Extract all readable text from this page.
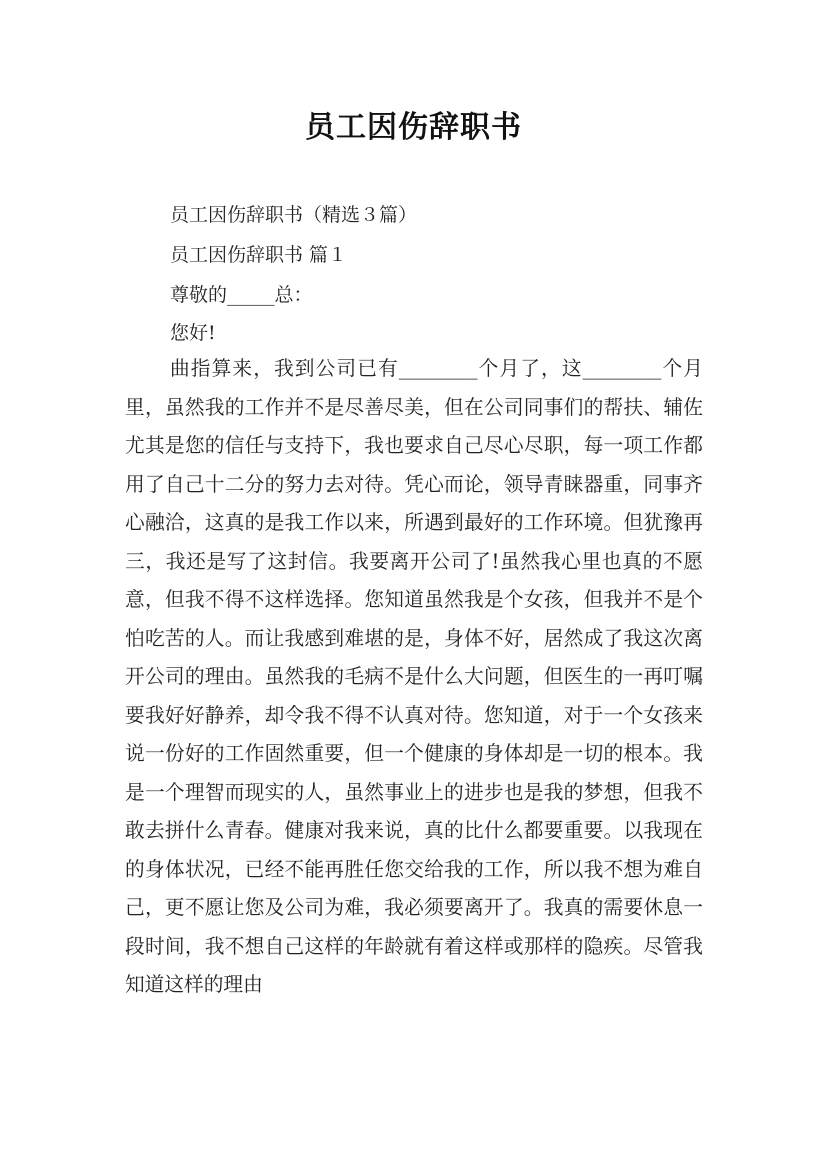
员工因伤辞职书
员工因伤辞职书（精选３篇）
员工因伤辞职书 篇１
尊敬的_____总：
您好!

曲指算来，我到公司已有________个月了，这________个月里，虽然我的工作并不是尽善尽美，但在公司同事们的帮扶、辅佐尤其是您的信任与支持下，我也要求自己尽心尽职，每一项工作都用了自己十二分的努力去对待。凭心而论，领导青睐器重，同事齐心融洽，这真的是我工作以来，所遇到最好的工作环境。但犹豫再三，我还是写了这封信。我要离开公司了!虽然我心里也真的不愿意，但我不得不这样选择。您知道虽然我是个女孩，但我并不是个怕吃苦的人。而让我感到难堪的是，身体不好，居然成了我这次离开公司的理由。虽然我的毛病不是什么大问题，但医生的一再叮嘱要我好好静养，却令我不得不认真对待。您知道，对于一个女孩来说一份好的工作固然重要，但一个健康的身体却是一切的根本。我是一个理智而现实的人，虽然事业上的进步也是我的梦想，但我不敢去拼什么青春。健康对我来说，真的比什么都要重要。以我现在的身体状况，已经不能再胜任您交给我的工作，所以我不想为难自己，更不愿让您及公司为难，我必须要离开了。我真的需要休息一段时间，我不想自己这样的年龄就有着这样或那样的隐疾。尽管我知道这样的理由
